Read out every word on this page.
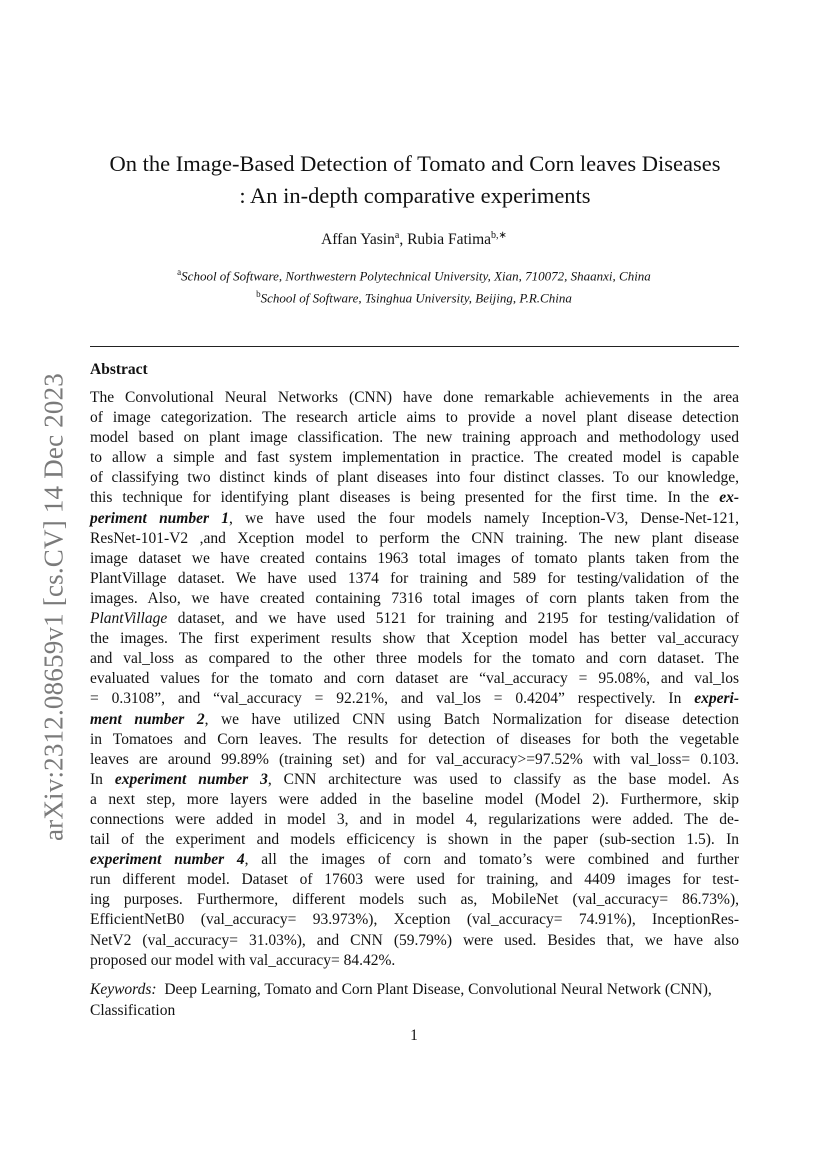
arXiv:2312.08659v1 [cs.CV] 14 Dec 2023
On the Image-Based Detection of Tomato and Corn leaves Diseases
: An in-depth comparative experiments
Affan Yasin$^a$, Rubia Fatima$^{b,∗}$
$^a$School of Software, Northwestern Polytechnical University, Xian, 710072, Shaanxi, China
$^b$School of Software, Tsinghua University, Beijing, P.R.China
Abstract
The Convolutional Neural Networks (CNN) have done remarkable achievements in the area
of image categorization. The research article aims to provide a novel plant disease detection
model based on plant image classification. The new training approach and methodology used
to allow a simple and fast system implementation in practice. The created model is capable
of classifying two distinct kinds of plant diseases into four distinct classes. To our knowledge,
this technique for identifying plant diseases is being presented for the first time. In the ex-
periment number 1, we have used the four models namely Inception-V3, Dense-Net-121,
ResNet-101-V2 ,and Xception model to perform the CNN training. The new plant disease
image dataset we have created contains 1963 total images of tomato plants taken from the
PlantVillage dataset. We have used 1374 for training and 589 for testing/validation of the
images. Also, we have created containing 7316 total images of corn plants taken from the
PlantVillage dataset, and we have used 5121 for training and 2195 for testing/validation of
the images. The first experiment results show that Xception model has better val_accuracy
and val_loss as compared to the other three models for the tomato and corn dataset. The
evaluated values for the tomato and corn dataset are “val_accuracy = 95.08%, and val_los
= 0.3108”, and “val_accuracy = 92.21%, and val_los = 0.4204” respectively. In experi-
ment number 2, we have utilized CNN using Batch Normalization for disease detection
in Tomatoes and Corn leaves. The results for detection of diseases for both the vegetable
leaves are around 99.89% (training set) and for val_accuracy>=97.52% with val_loss= 0.103.
In experiment number 3, CNN architecture was used to classify as the base model. As
a next step, more layers were added in the baseline model (Model 2). Furthermore, skip
connections were added in model 3, and in model 4, regularizations were added. The de-
tail of the experiment and models efficicency is shown in the paper (sub-section 1.5). In
experiment number 4, all the images of corn and tomato’s were combined and further
run different model. Dataset of 17603 were used for training, and 4409 images for test-
ing purposes. Furthermore, different models such as, MobileNet (val_accuracy= 86.73%),
EfficientNetB0 (val_accuracy= 93.973%), Xception (val_accuracy= 74.91%), InceptionRes-
NetV2 (val_accuracy= 31.03%), and CNN (59.79%) were used. Besides that, we have also
proposed our model with val_accuracy= 84.42%.
Keywords: Deep Learning, Tomato and Corn Plant Disease, Convolutional Neural Network (CNN), Classification
1
